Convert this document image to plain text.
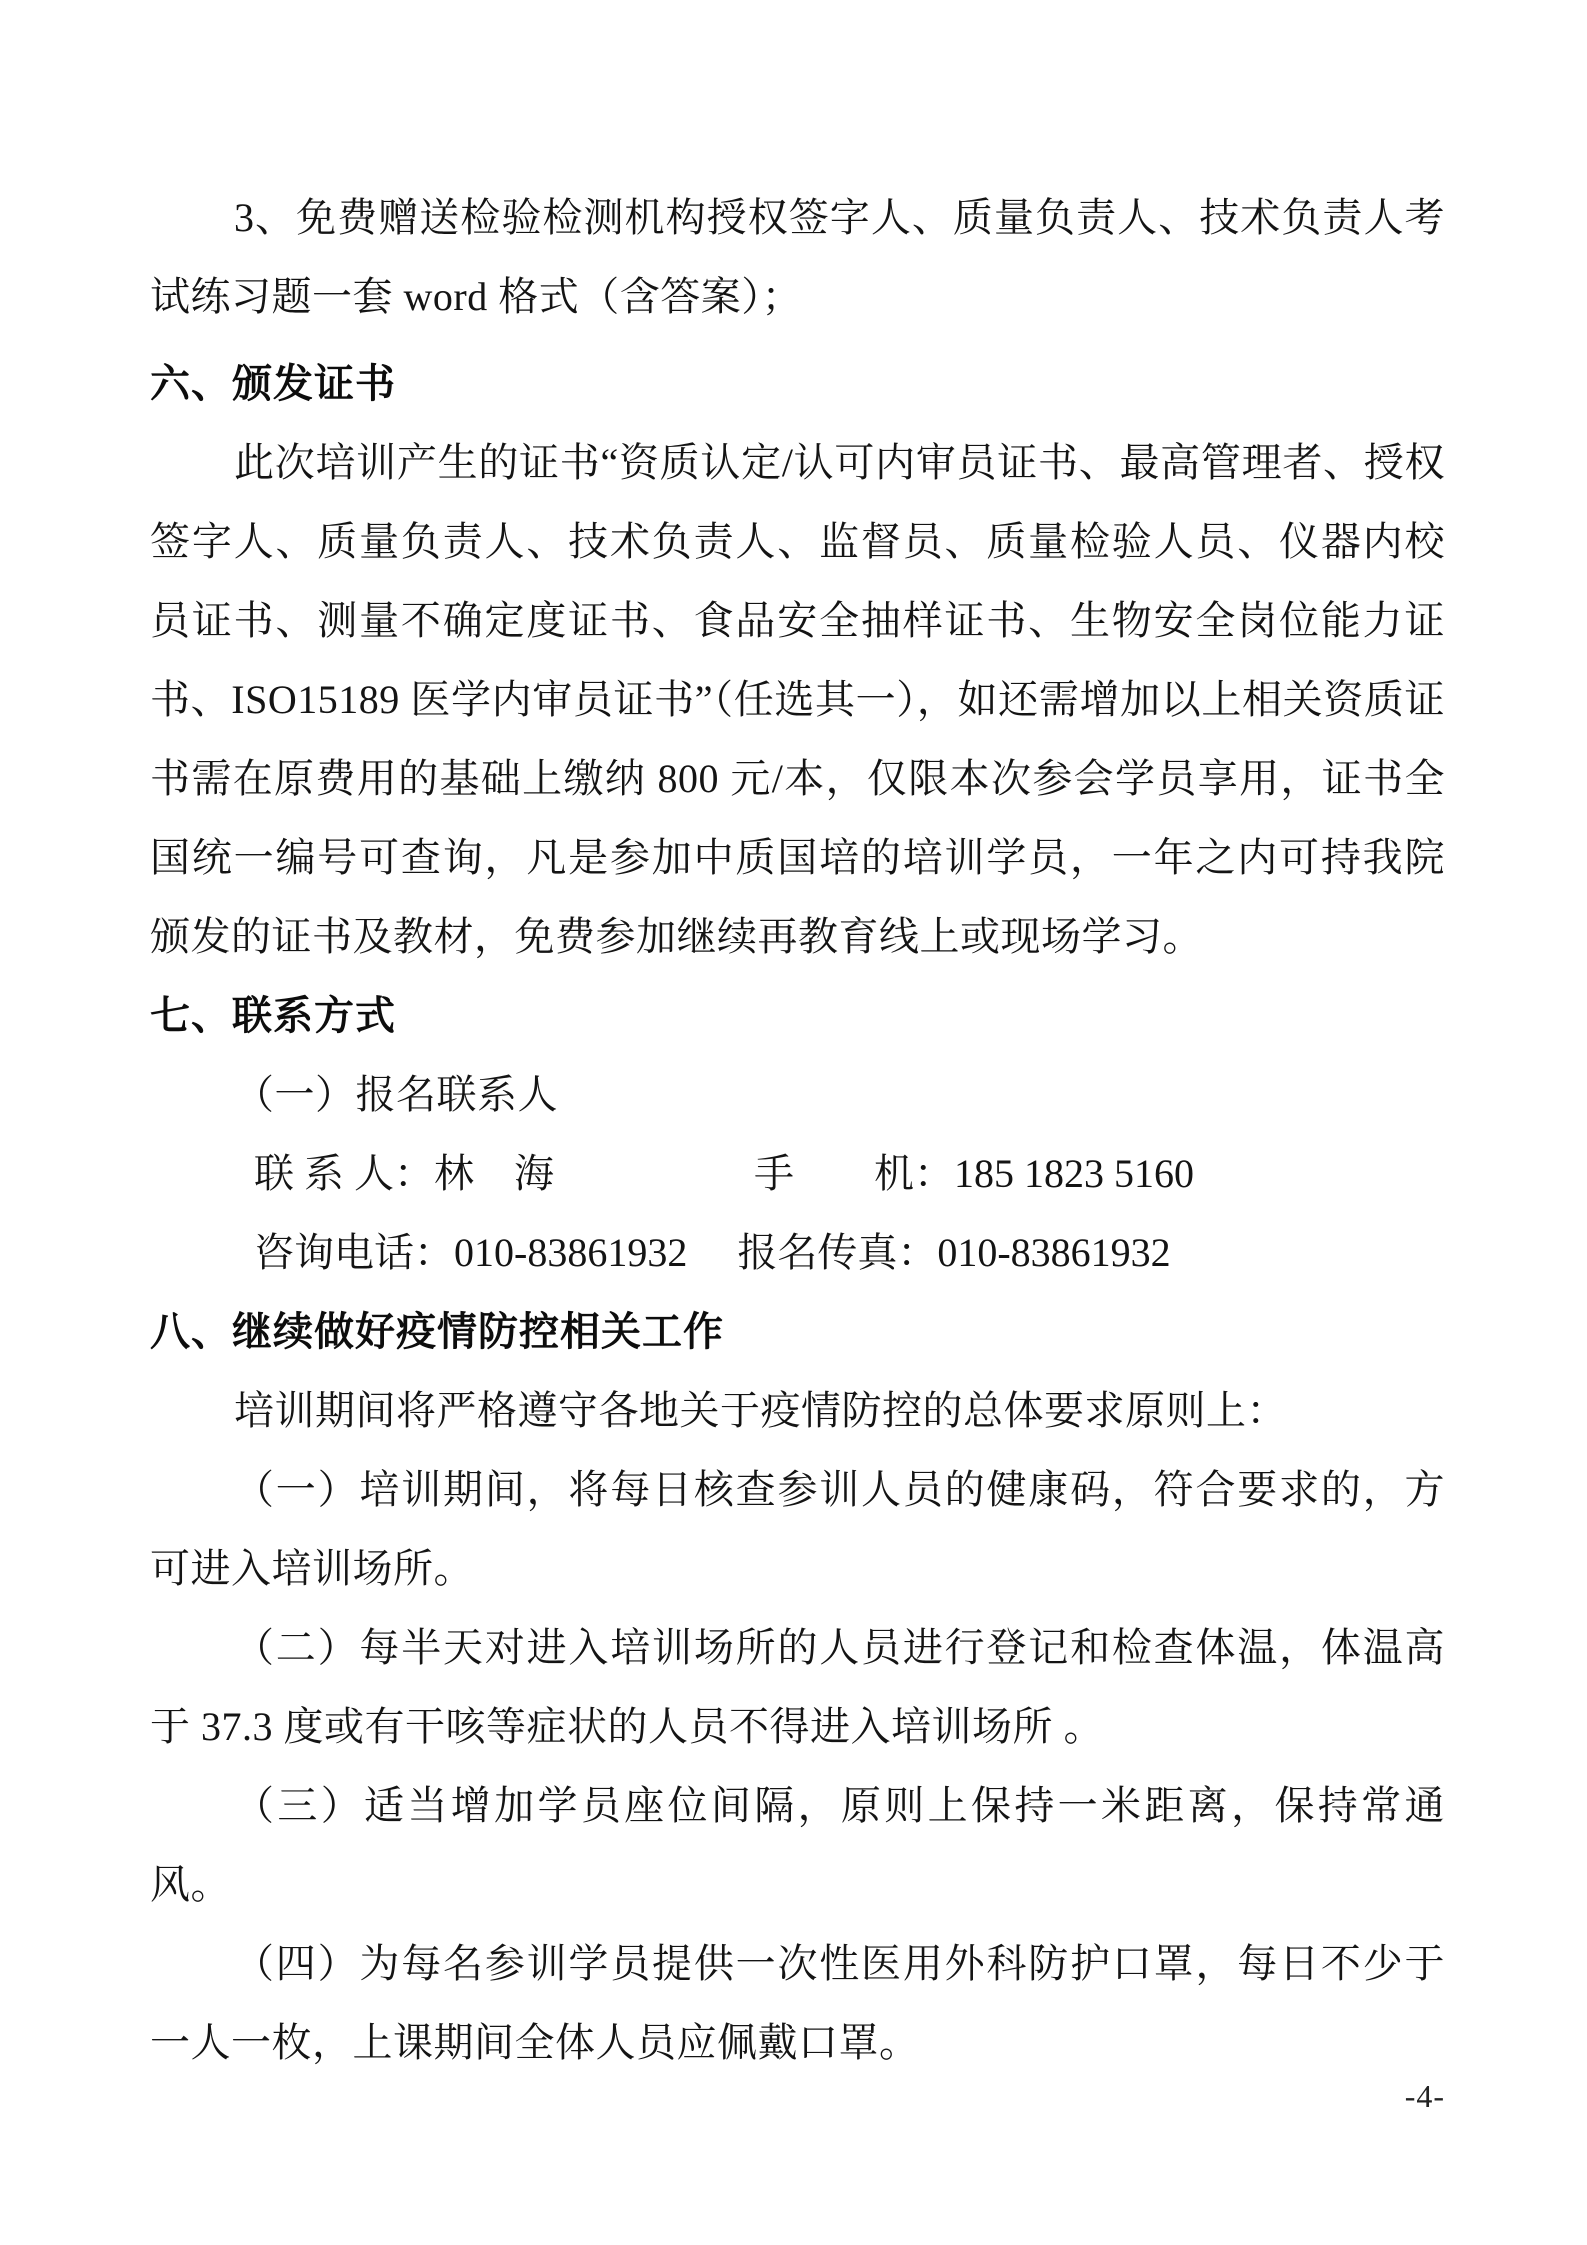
3、免费赠送检验检测机构授权签字人、质量负责人、技术负责人考试练习题一套 word 格式（含答案）；

六、颁发证书

此次培训产生的证书“资质认定/认可内审员证书、最高管理者、授权签字人、质量负责人、技术负责人、监督员、质量检验人员、仪器内校员证书、测量不确定度证书、食品安全抽样证书、生物安全岗位能力证书、ISO15189 医学内审员证书”（任选其一），如还需增加以上相关资质证书需在原费用的基础上缴纳 800 元/本，仅限本次参会学员享用，证书全国统一编号可查询，凡是参加中质国培的培训学员，一年之内可持我院颁发的证书及教材，免费参加继续再教育线上或现场学习。

七、联系方式

（一）报名联系人

联 系 人：林　海　　　　　手　　机：185 1823 5160

咨询电话：010-83861932　 报名传真：010-83861932

八、继续做好疫情防控相关工作

培训期间将严格遵守各地关于疫情防控的总体要求原则上：

（一）培训期间，将每日核查参训人员的健康码，符合要求的，方可进入培训场所。

（二）每半天对进入培训场所的人员进行登记和检查体温，体温高于 37.3 度或有干咳等症状的人员不得进入培训场所 。

（三）适当增加学员座位间隔，原则上保持一米距离，保持常通风。

（四）为每名参训学员提供一次性医用外科防护口罩，每日不少于一人一枚，上课期间全体人员应佩戴口罩。

-4-
